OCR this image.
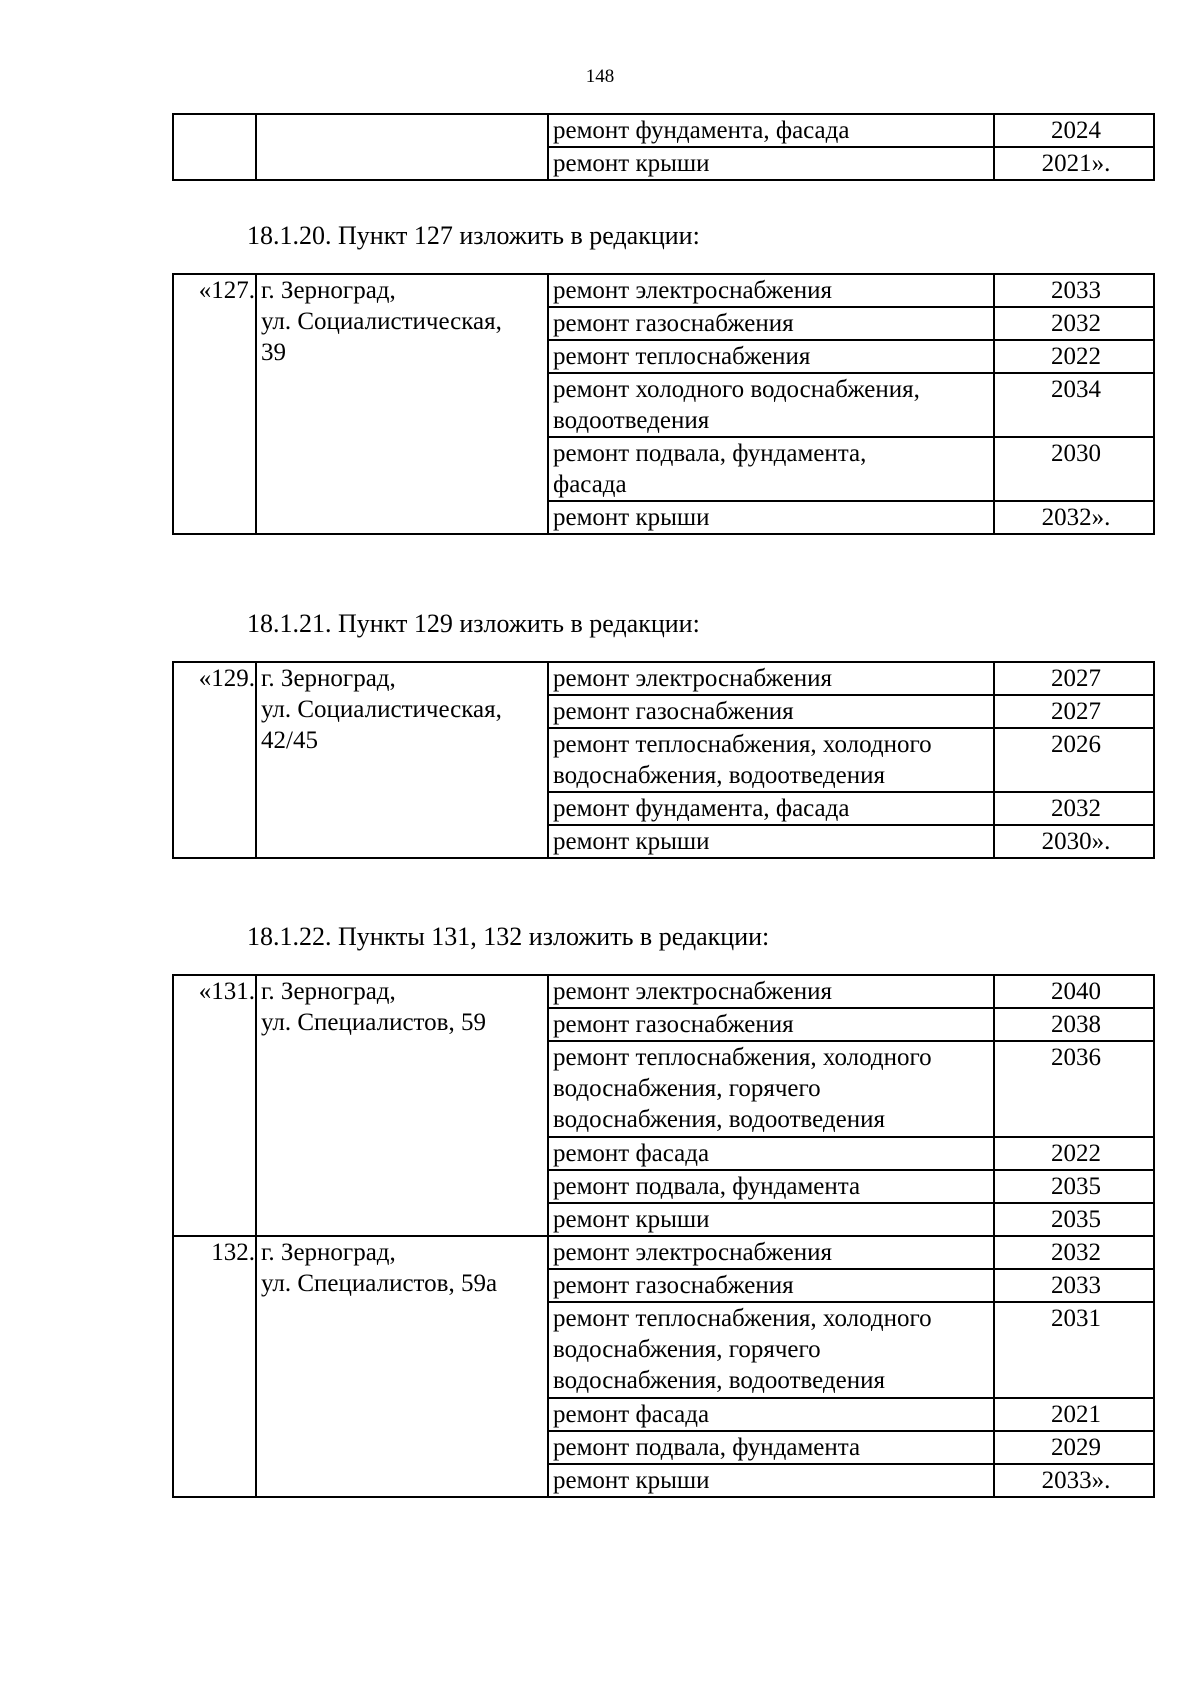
148
		ремонт фундамента, фасада	2024
		ремонт крыши	2021».
18.1.20. Пункт 127 изложить в редакции:
«127.	г. Зерноград,
ул. Социалистическая,
39	ремонт электроснабжения	2033
		ремонт газоснабжения	2032
		ремонт теплоснабжения	2022

		ремонт холодного водоснабжения,
водоотведения	2034

		ремонт подвала, фундамента,
фасада	2030
		ремонт крыши	2032».
18.1.21. Пункт 129 изложить в редакции:
«129.	г. Зерноград,
ул. Социалистическая,
42/45	ремонт электроснабжения	2027
		ремонт газоснабжения	2027

		ремонт теплоснабжения, холодного
водоснабжения, водоотведения	2026
		ремонт фундамента, фасада	2032
		ремонт крыши	2030».
18.1.22. Пункты 131, 132 изложить в редакции:
«131.	г. Зерноград,
ул. Специалистов, 59	ремонт электроснабжения	2040
		ремонт газоснабжения	2038

		ремонт теплоснабжения, холодного
водоснабжения, горячего
водоснабжения, водоотведения	2036
		ремонт фасада	2022
		ремонт подвала, фундамента	2035
		ремонт крыши	2035
132.	г. Зерноград,
ул. Специалистов, 59а	ремонт электроснабжения	2032
		ремонт газоснабжения	2033

		ремонт теплоснабжения, холодного
водоснабжения, горячего
водоснабжения, водоотведения	2031
		ремонт фасада	2021
		ремонт подвала, фундамента	2029
		ремонт крыши	2033».
